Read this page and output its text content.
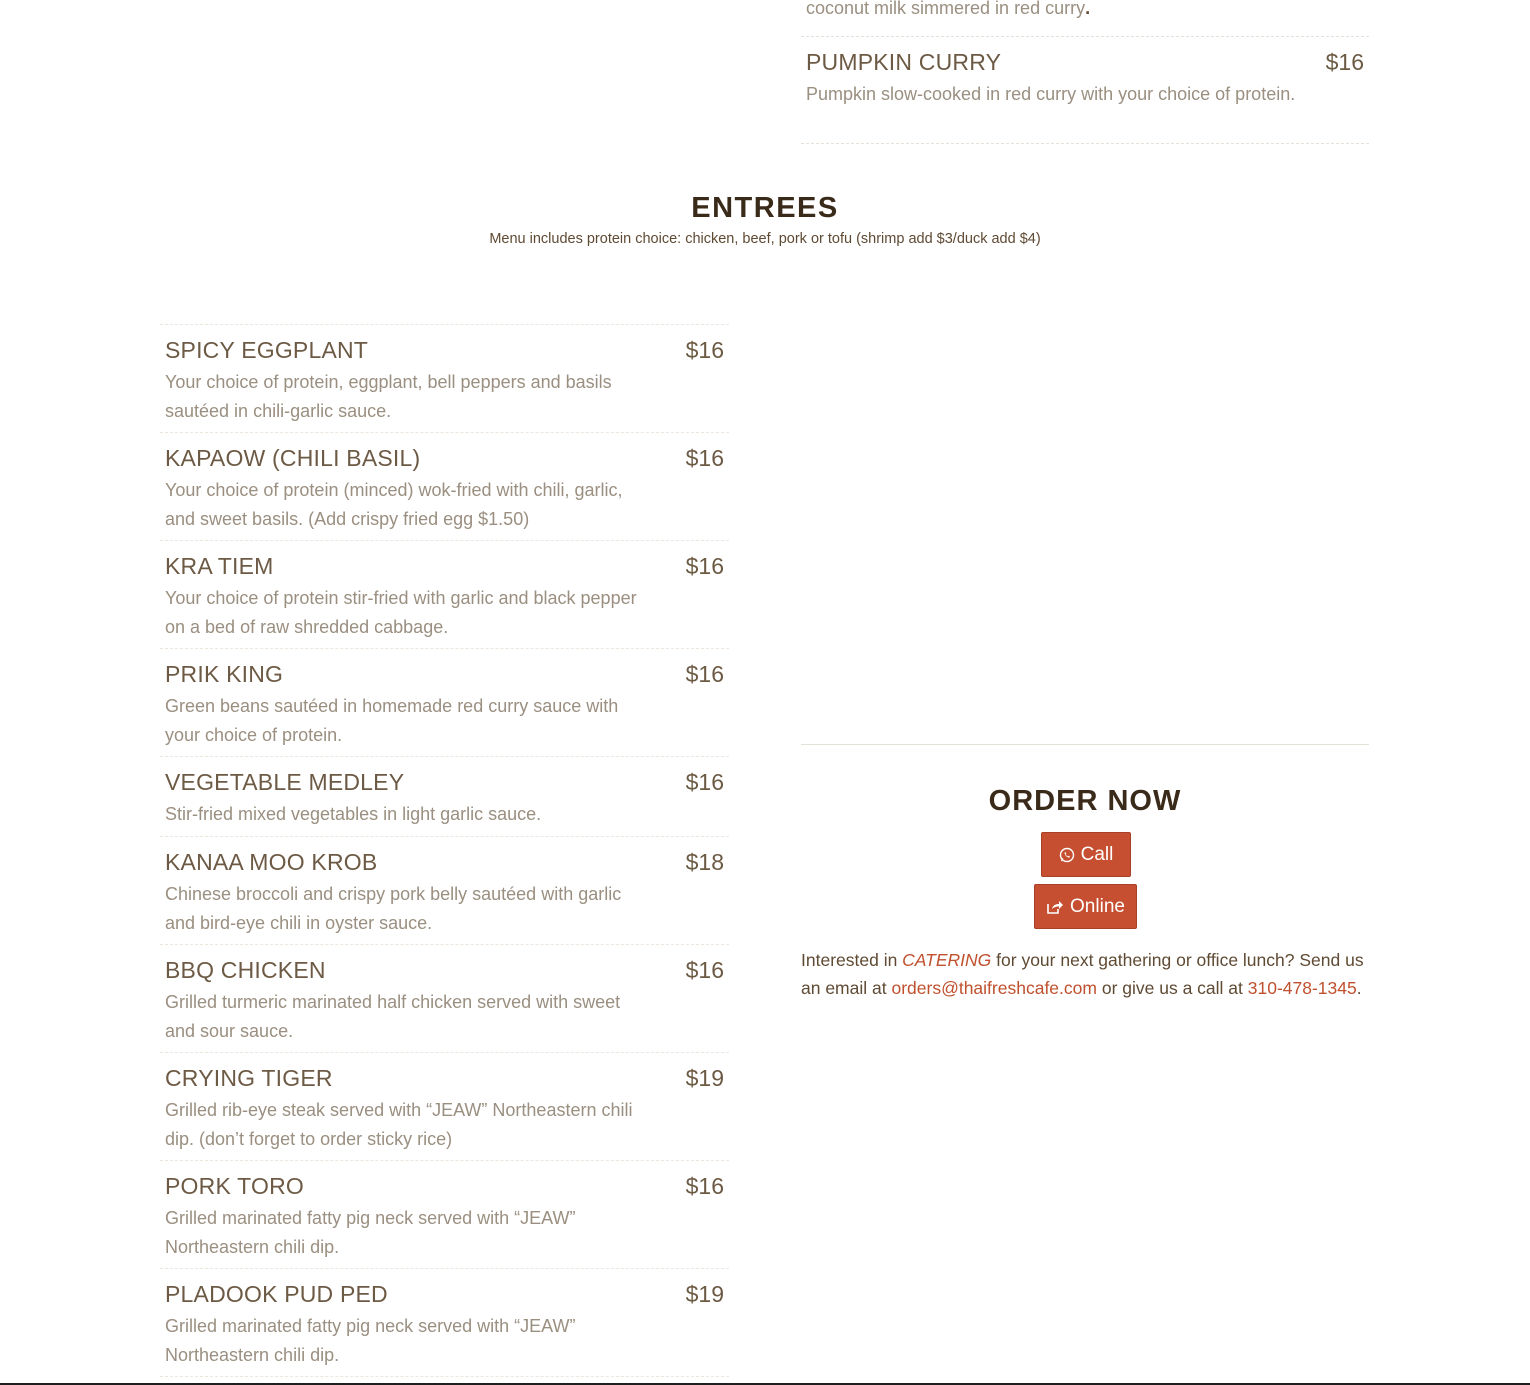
coconut milk simmered in red curry.
PUMPKIN CURRY	$16
Pumpkin slow-cooked in red curry with your choice of protein.
ENTREES
Menu includes protein choice: chicken, beef, pork or tofu (shrimp add $3/duck add $4)
SPICY EGGPLANT	$16
Your choice of protein, eggplant, bell peppers and basils sautéed in chili-garlic sauce.
KAPAOW (CHILI BASIL)	$16
Your choice of protein (minced) wok-fried with chili, garlic, and sweet basils. (Add crispy fried egg $1.50)
KRA TIEM	$16
Your choice of protein stir-fried with garlic and black pepper on a bed of raw shredded cabbage.
PRIK KING	$16
Green beans sautéed in homemade red curry sauce with your choice of protein.
VEGETABLE MEDLEY	$16
Stir-fried mixed vegetables in light garlic sauce.
KANAA MOO KROB	$18
Chinese broccoli and crispy pork belly sautéed with garlic and bird-eye chili in oyster sauce.
BBQ CHICKEN	$16
Grilled turmeric marinated half chicken served with sweet and sour sauce.
CRYING TIGER	$19
Grilled rib-eye steak served with “JEAW” Northeastern chili dip. (don’t forget to order sticky rice)
PORK TORO	$16
Grilled marinated fatty pig neck served with “JEAW” Northeastern chili dip.
PLADOOK PUD PED	$19
Grilled marinated fatty pig neck served with “JEAW” Northeastern chili dip.
ORDER NOW
Call
Online
Interested in CATERING for your next gathering or office lunch? Send us an email at orders@thaifreshcafe.com or give us a call at 310-478-1345.
